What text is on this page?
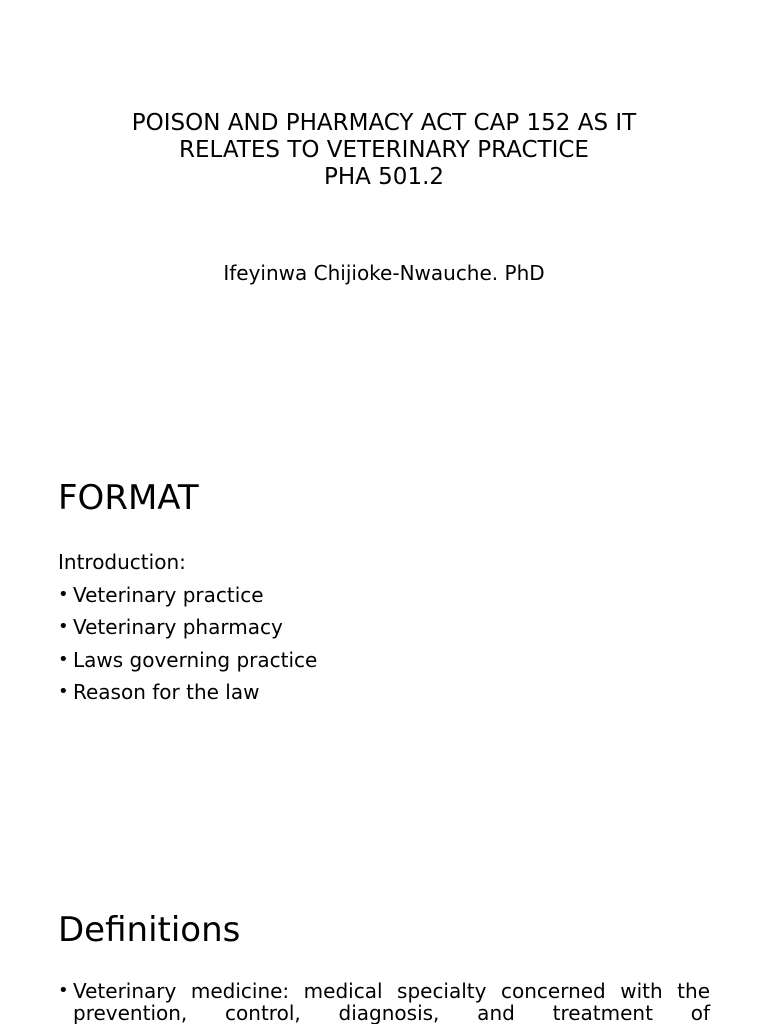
POISON AND PHARMACY ACT CAP 152 AS IT
RELATES TO VETERINARY PRACTICE
PHA 501.2
Ifeyinwa Chijioke-Nwauche. PhD
FORMAT
Introduction:
• Veterinary practice
• Veterinary pharmacy
• Laws governing practice
• Reason for the law
Definitions
• Veterinary medicine: medical specialty concerned with the prevention, control, diagnosis, and treatment of
